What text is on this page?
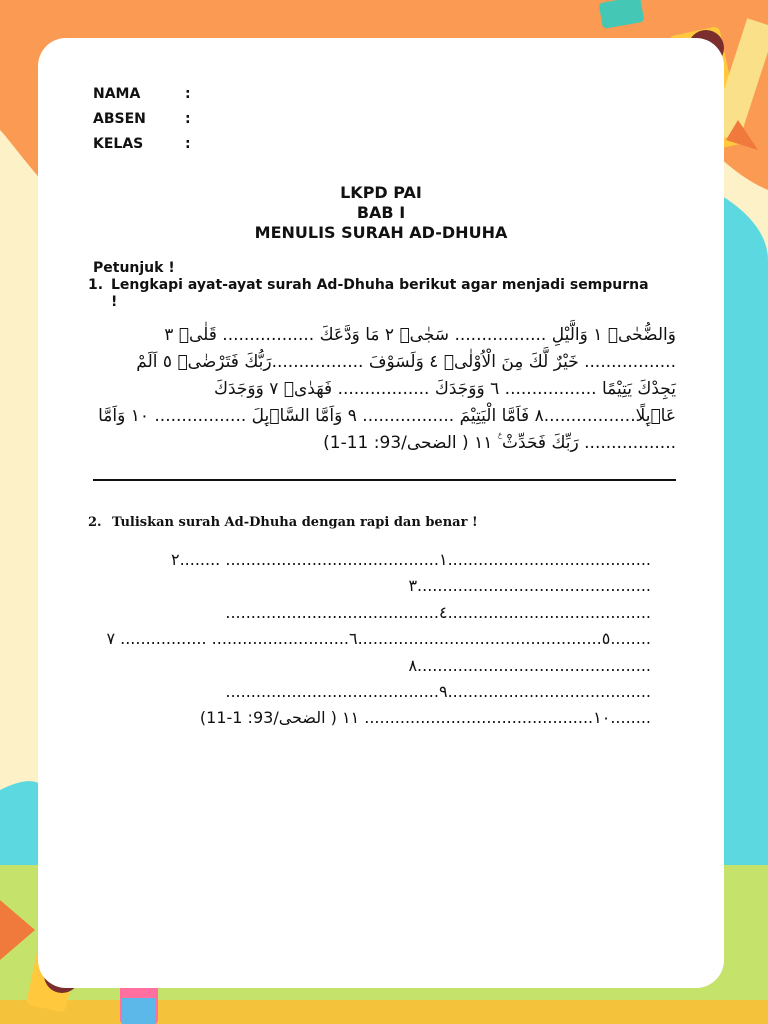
NAMA	:
ABSEN	:
KELAS	:
LKPD PAI
BAB I
MENULIS SURAH AD-DHUHA
Petunjuk !
1. Lengkapi ayat-ayat surah Ad-Dhuha berikut agar menjadi sempurna !
وَالضُّحٰىۙ ١ وَالَّيْلِ ................. سَجٰىۙ ٢ مَا وَدَّعَكَ ................. قَلٰىۗ ٣ ................. خَيْرٌ لَّكَ مِنَ الْاُوْلٰىۗ ٤ وَلَسَوْفَ .................رَبُّكَ فَتَرْضٰىۗ ٥ اَلَمْ يَجِدْكَ يَتِيْمًا ................. ٦ وَوَجَدَكَ ................. فَهَدٰىۖ ٧ وَوَجَدَكَ عَاۤىِٕلًا.................٨ فَاَمَّا الْيَتِيْمَ ................. ٩ وَاَمَّا السَّاۤىِٕلَ ................. ١٠ وَاَمَّا ................. رَبِّكَ فَحَدِّثْ ࣖ ١١ ( الضحى/93: 11-1)
2. Tuliskan surah Ad-Dhuha dengan rapi dan benar !
........................................١.......................................... ........٢ ..............................................٣ ........................................٤.......................................... ........٥................................................٦........................... ................. ٧ ..............................................٨ ........................................٩.......................................... ........١٠............................................. ١١ ( الضحى/93: 1-11)
